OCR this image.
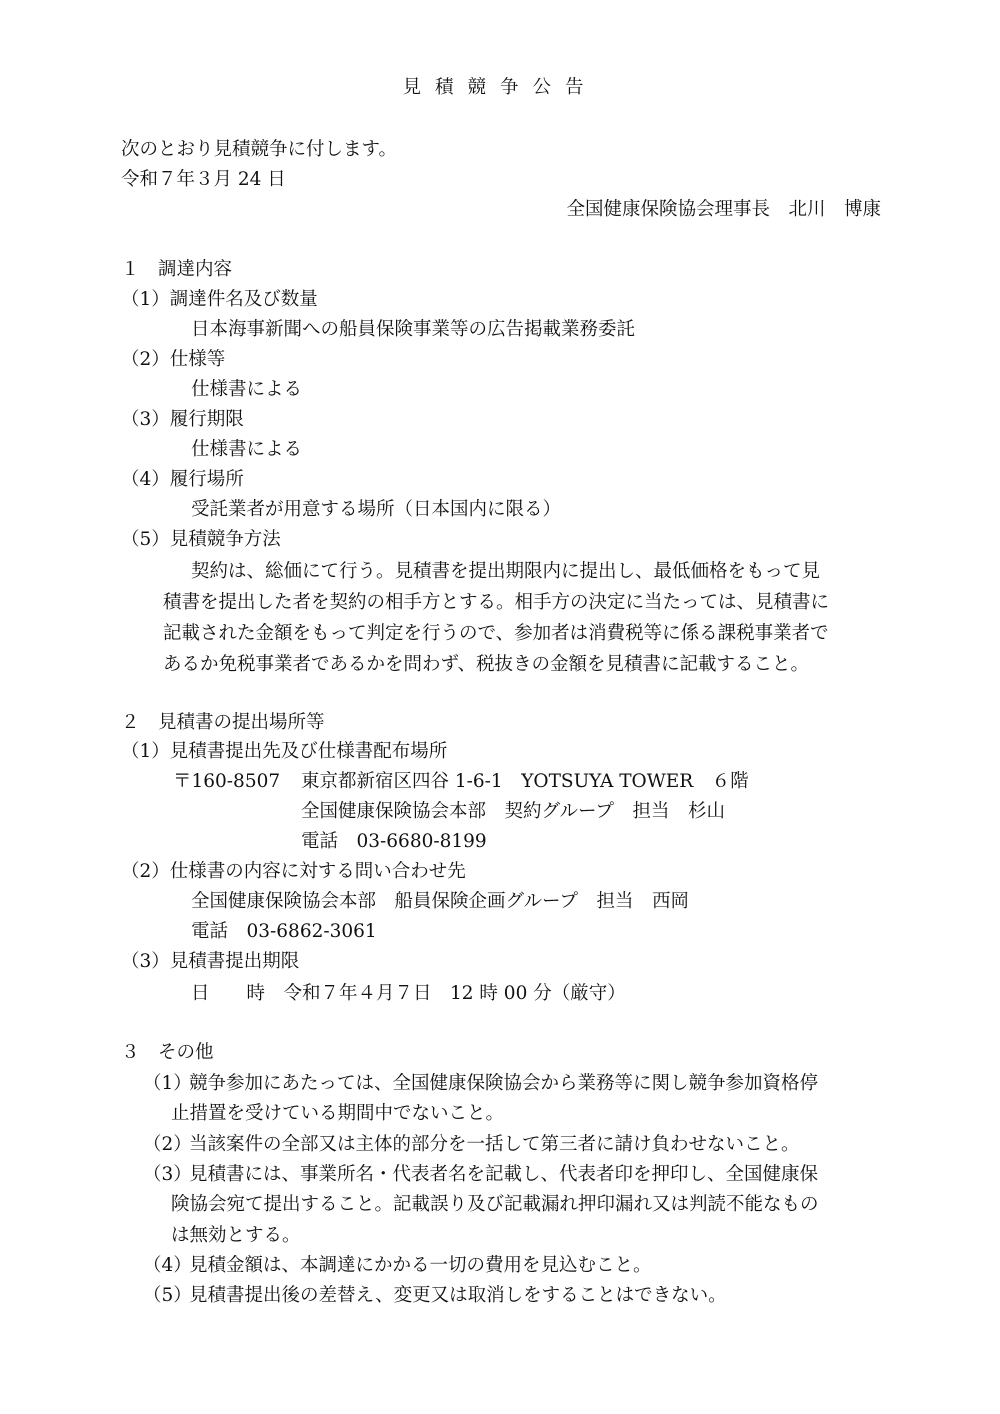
見積競争公告
次のとおり見積競争に付します。
令和７年３月 24 日
全国健康保険協会理事長　北川　博康
１　調達内容
（1）調達件名及び数量
日本海事新聞への船員保険事業等の広告掲載業務委託
（2）仕様等
仕様書による
（3）履行期限
仕様書による
（4）履行場所
受託業者が用意する場所（日本国内に限る）
（5）見積競争方法
契約は、総価にて行う。見積書を提出期限内に提出し、最低価格をもって見
積書を提出した者を契約の相手方とする。相手方の決定に当たっては、見積書に
記載された金額をもって判定を行うので、参加者は消費税等に係る課税事業者で
あるか免税事業者であるかを問わず、税抜きの金額を見積書に記載すること。
２　見積書の提出場所等
（1）見積書提出先及び仕様書配布場所
〒160-8507 東京都新宿区四谷 1-6-1　YOTSUYA TOWER　６階
全国健康保険協会本部　契約グループ　担当　杉山
電話　03-6680-8199
（2）仕様書の内容に対する問い合わせ先
全国健康保険協会本部　船員保険企画グループ　担当　西岡
電話　03-6862-3061
（3）見積書提出期限
日　　時　令和７年４月７日　12 時 00 分（厳守）
３　その他
（1）
競争参加にあたっては、全国健康保険協会から業務等に関し競争参加資格停
止措置を受けている期間中でないこと。
（2）
当該案件の全部又は主体的部分を一括して第三者に請け負わせないこと。
（3）
見積書には、事業所名・代表者名を記載し、代表者印を押印し、全国健康保
険協会宛て提出すること。記載誤り及び記載漏れ押印漏れ又は判読不能なもの
は無効とする。
（4）
見積金額は、本調達にかかる一切の費用を見込むこと。
（5）
見積書提出後の差替え、変更又は取消しをすることはできない。
